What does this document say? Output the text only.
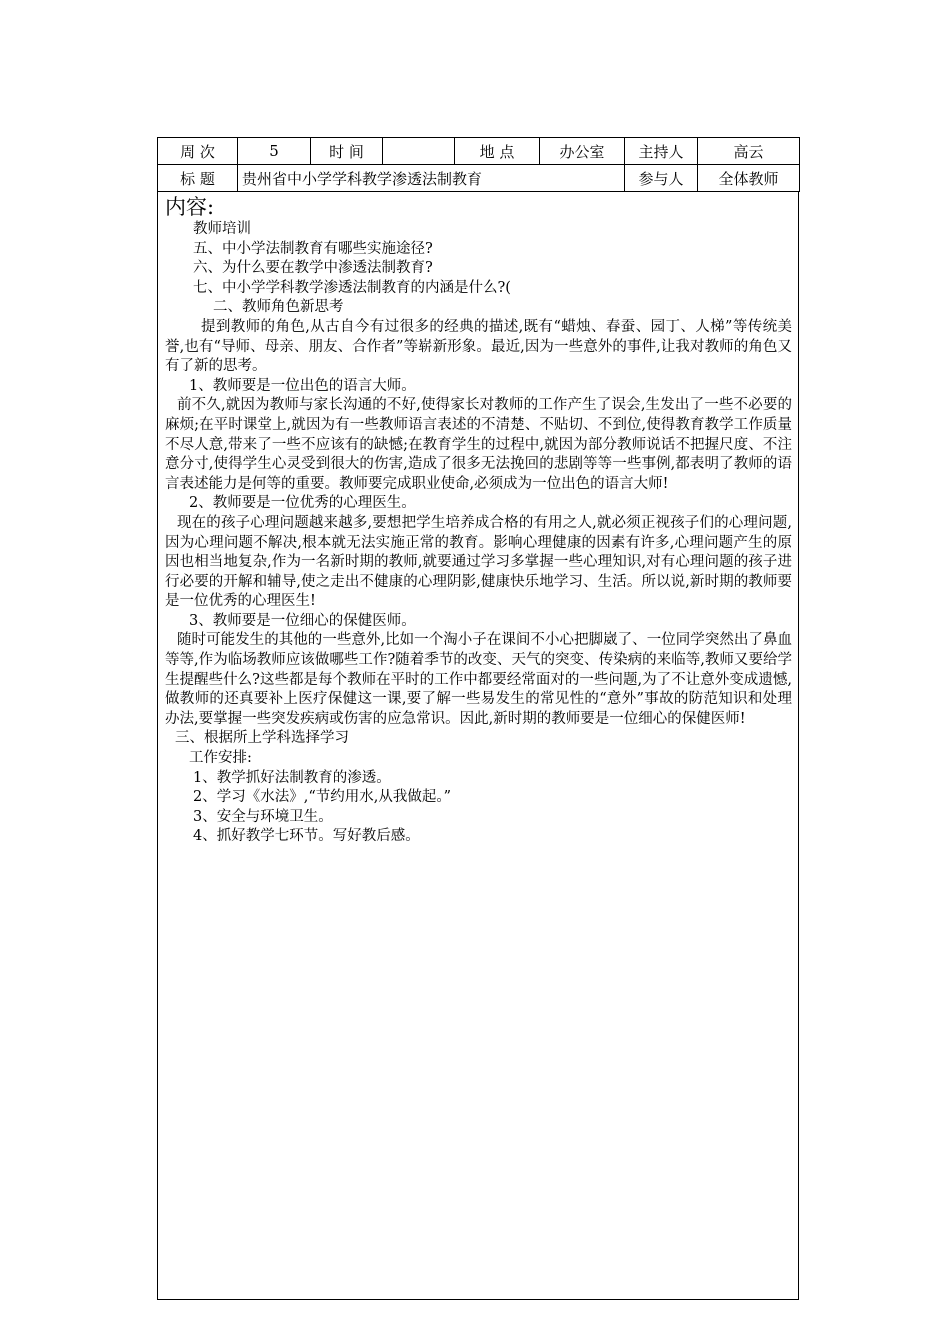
周 次	5	时 间		地 点	办公室	主持人	高云
标 题	贵州省中小学学科教学渗透法制教育					参与人	全体教师

内容:

教师培训

五、中小学法制教育有哪些实施途径?

六、为什么要在教学中渗透法制教育?

七、中小学学科教学渗透法制教育的内涵是什么?(

二、教师角色新思考

提到教师的角色,从古自今有过很多的经典的描述,既有“蜡烛、春蚕、园丁、人梯”等传统美誉,也有“导师、母亲、朋友、合作者”等崭新形象。最近,因为一些意外的事件,让我对教师的角色又有了新的思考。

1、教师要是一位出色的语言大师。

前不久,就因为教师与家长沟通的不好,使得家长对教师的工作产生了误会,生发出了一些不必要的麻烦;在平时课堂上,就因为有一些教师语言表述的不清楚、不贴切、不到位,使得教育教学工作质量不尽人意,带来了一些不应该有的缺憾;在教育学生的过程中,就因为部分教师说话不把握尺度、不注意分寸,使得学生心灵受到很大的伤害,造成了很多无法挽回的悲剧等等一些事例,都表明了教师的语言表述能力是何等的重要。教师要完成职业使命,必须成为一位出色的语言大师!

2、教师要是一位优秀的心理医生。

现在的孩子心理问题越来越多,要想把学生培养成合格的有用之人,就必须正视孩子们的心理问题,因为心理问题不解决,根本就无法实施正常的教育。影响心理健康的因素有许多,心理问题产生的原因也相当地复杂,作为一名新时期的教师,就要通过学习多掌握一些心理知识,对有心理问题的孩子进行必要的开解和辅导,使之走出不健康的心理阴影,健康快乐地学习、生活。所以说,新时期的教师要是一位优秀的心理医生!

3、教师要是一位细心的保健医师。

随时可能发生的其他的一些意外,比如一个淘小子在课间不小心把脚崴了、一位同学突然出了鼻血等等,作为临场教师应该做哪些工作?随着季节的改变、天气的突变、传染病的来临等,教师又要给学生提醒些什么?这些都是每个教师在平时的工作中都要经常面对的一些问题,为了不让意外变成遗憾,做教师的还真要补上医疗保健这一课,要了解一些易发生的常见性的“意外”事故的防范知识和处理办法,要掌握一些突发疾病或伤害的应急常识。因此,新时期的教师要是一位细心的保健医师!

三、根据所上学科选择学习

工作安排:

1、教学抓好法制教育的渗透。

2、学习《水法》,“节约用水,从我做起。”

3、安全与环境卫生。

4、抓好教学七环节。写好教后感。
